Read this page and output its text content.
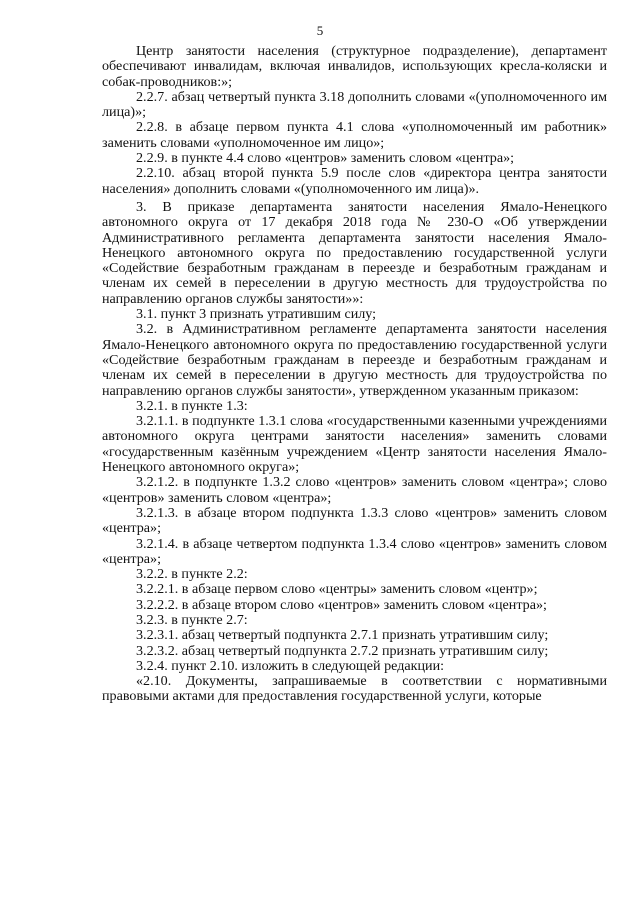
5

Центр занятости населения (структурное подразделение), департамент обеспечивают инвалидам, включая инвалидов, использующих кресла-коляски и собак-проводников:»;

2.2.7. абзац четвертый пункта 3.18 дополнить словами «(уполномоченного им лица)»;

2.2.8. в абзаце первом пункта 4.1 слова «уполномоченный им работник» заменить словами «уполномоченное им лицо»;

2.2.9. в пункте 4.4 слово «центров» заменить словом «центра»;

2.2.10. абзац второй пункта 5.9 после слов «директора центра занятости населения» дополнить словами «(уполномоченного им лица)».

3. В приказе департамента занятости населения Ямало-Ненецкого автономного округа от 17 декабря 2018 года № 230-О «Об утверждении Административного регламента департамента занятости населения Ямало-Ненецкого автономного округа по предоставлению государственной услуги «Содействие безработным гражданам в переезде и безработным гражданам и членам их семей в переселении в другую местность для трудоустройства по направлению органов службы занятости»»:

3.1. пункт 3 признать утратившим силу;

3.2. в Административном регламенте департамента занятости населения Ямало-Ненецкого автономного округа по предоставлению государственной услуги «Содействие безработным гражданам в переезде и безработным гражданам и членам их семей в переселении в другую местность для трудоустройства по направлению органов службы занятости», утвержденном указанным приказом:

3.2.1. в пункте 1.3:

3.2.1.1. в подпункте 1.3.1 слова «государственными казенными учреждениями автономного округа центрами занятости населения» заменить словами «государственным казённым учреждением «Центр занятости населения Ямало-Ненецкого автономного округа»;

3.2.1.2. в подпункте 1.3.2 слово «центров» заменить словом «центра»; слово «центров» заменить словом «центра»;

3.2.1.3. в абзаце втором подпункта 1.3.3 слово «центров» заменить словом «центра»;

3.2.1.4. в абзаце четвертом подпункта 1.3.4 слово «центров» заменить словом «центра»;

3.2.2. в пункте 2.2:

3.2.2.1. в абзаце первом слово «центры» заменить словом «центр»;

3.2.2.2. в абзаце втором слово «центров» заменить словом «центра»;

3.2.3. в пункте 2.7:

3.2.3.1. абзац четвертый подпункта 2.7.1 признать утратившим силу;

3.2.3.2. абзац четвертый подпункта 2.7.2 признать утратившим силу;

3.2.4. пункт 2.10. изложить в следующей редакции:

«2.10. Документы, запрашиваемые в соответствии с нормативными правовыми актами для предоставления государственной услуги, которые
